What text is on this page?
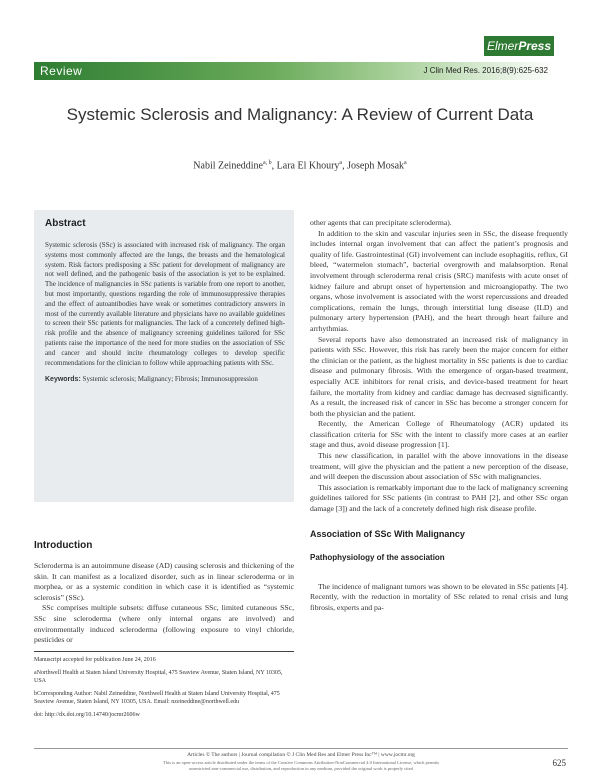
ElmerPress
Review	J Clin Med Res. 2016;8(9):625-632
Systemic Sclerosis and Malignancy: A Review of Current Data
Nabil Zeineddine$^{a, b}$, Lara El Khoury$^a$, Joseph Mosak$^a$
Abstract

Systemic sclerosis (SSc) is associated with increased risk of malignancy. The organ systems most commonly affected are the lungs, the breasts and the hematological system. Risk factors predisposing a SSc patient for development of malignancy are not well defined, and the pathogenic basis of the association is yet to be explained. The incidence of malignancies in SSc patients is variable from one report to another, but most importantly, questions regarding the role of immunosuppressive therapies and the effect of autoantibodies have weak or sometimes contradictory answers in most of the currently available literature and physicians have no available guidelines to screen their SSc patients for malignancies. The lack of a concretely defined high-risk profile and the absence of malignancy screening guidelines tailored for SSc patients raise the importance of the need for more studies on the association of SSc and cancer and should incite rheumatology colleges to develop specific recommendations for the clinician to follow while approaching patients with SSc.

Keywords: Systemic sclerosis; Malignancy; Fibrosis; Immunosuppression

Introduction

Scleroderma is an autoimmune disease (AD) causing sclerosis and thickening of the skin. It can manifest as a localized disorder, such as in linear scleroderma or in morphea, or as a systemic condition in which case it is identified as “systemic sclerosis” (SSc).

SSc comprises multiple subsets: diffuse cutaneous SSc, limited cutaneous SSc, SSc sine scleroderma (where only internal organs are involved) and environmentally induced scleroderma (following exposure to vinyl chloride, pesticides or

Manuscript accepted for publication June 24, 2016

aNorthwell Health at Staten Island University Hospital, 475 Seaview Avenue, Staten Island, NY 10305, USA

bCorresponding Author: Nabil Zeineddine, Northwell Health at Staten Island University Hospital, 475 Seaview Avenue, Staten Island, NY 10305, USA. Email: nzeineddine@northwell.edu

doi: http://dx.doi.org/10.14740/jocmr2606w

other agents that can precipitate scleroderma).

In addition to the skin and vascular injuries seen in SSc, the disease frequently includes internal organ involvement that can affect the patient’s prognosis and quality of life. Gastrointestinal (GI) involvement can include esophagitis, reflux, GI bleed, “watermelon stomach”, bacterial overgrowth and malabsorption. Renal involvement through scleroderma renal crisis (SRC) manifests with acute onset of kidney failure and abrupt onset of hypertension and microangiopathy. The two organs, whose involvement is associated with the worst repercussions and dreaded complications, remain the lungs, through interstitial lung disease (ILD) and pulmonary artery hypertension (PAH), and the heart through heart failure and arrhythmias.

Several reports have also demonstrated an increased risk of malignancy in patients with SSc. However, this risk has rarely been the major concern for either the clinician or the patient, as the highest mortality in SSc patients is due to cardiac disease and pulmonary fibrosis. With the emergence of organ-based treatment, especially ACE inhibitors for renal crisis, and device-based treatment for heart failure, the mortality from kidney and cardiac damage has decreased significantly. As a result, the increased risk of cancer in SSc has become a stronger concern for both the physician and the patient.

Recently, the American College of Rheumatology (ACR) updated its classification criteria for SSc with the intent to classify more cases at an earlier stage and thus, avoid disease progression [1].

This new classification, in parallel with the above innovations in the disease treatment, will give the physician and the patient a new perception of the disease, and will deepen the discussion about association of SSc with malignancies.

This association is remarkably important due to the lack of malignancy screening guidelines tailored for SSc patients (in contrast to PAH [2], and other SSc organ damage [3]) and the lack of a concretely defined high risk disease profile.

Association of SSc With Malignancy
Pathophysiology of the association

The incidence of malignant tumors was shown to be elevated in SSc patients [4]. Recently, with the reduction in mortality of SSc related to renal crisis and lung fibrosis, experts and pa-

Articles © The authors | Journal compilation © J Clin Med Res and Elmer Press Inc™ | www.jocmr.org
This is an open-access article distributed under the terms of the Creative Commons Attribution-NonCommercial 4.0 International License, which permits
unrestricted non-commercial use, distribution, and reproduction in any medium, provided the original work is properly cited
625
